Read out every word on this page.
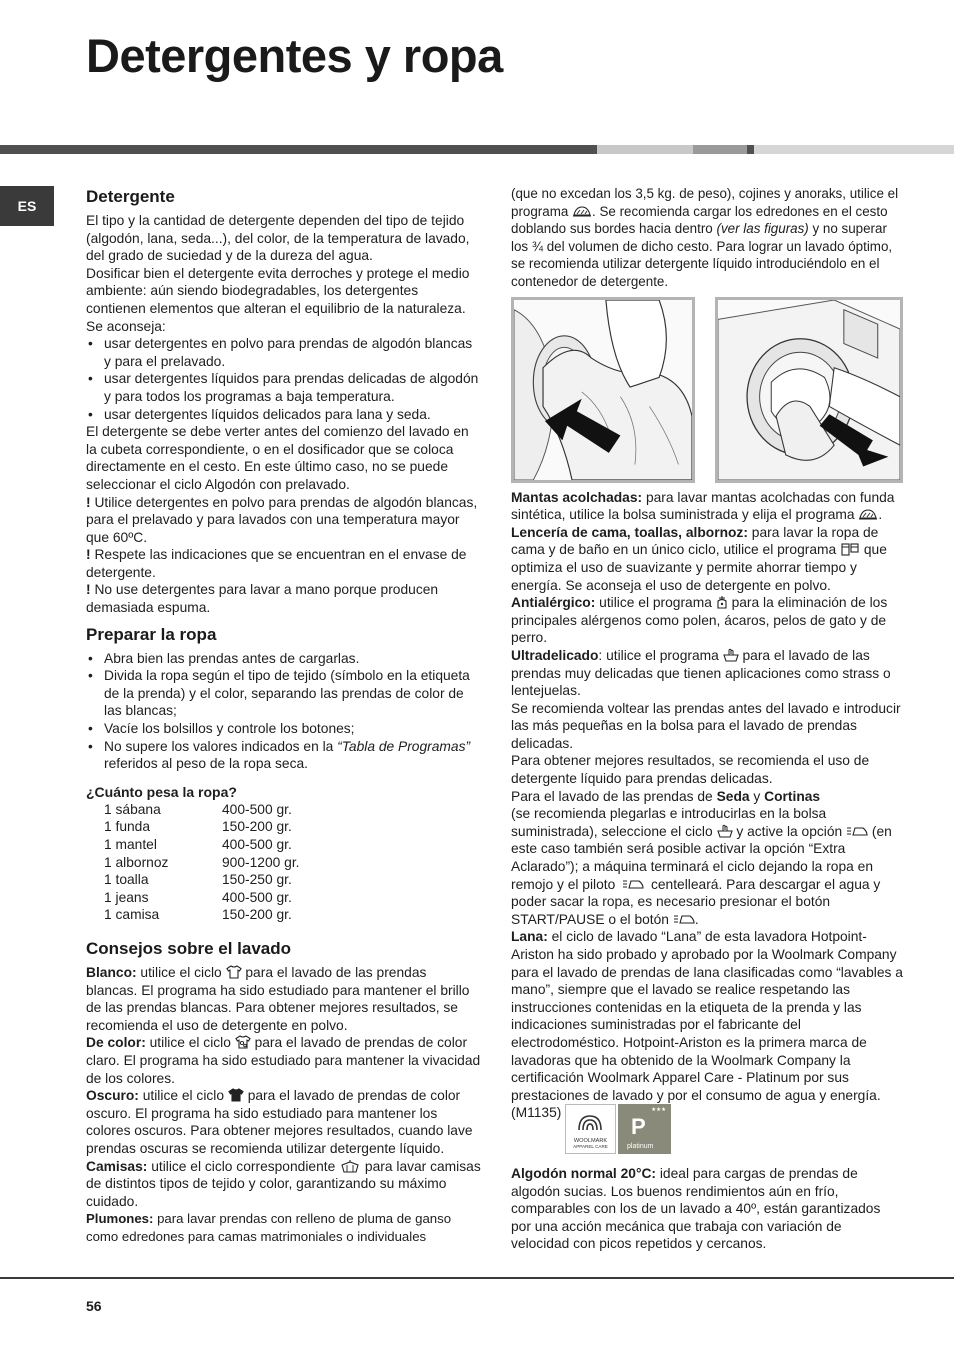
Detergentes y ropa
ES	Detergente

El tipo y la cantidad de detergente dependen del tipo de tejido (algodón, lana, seda...), del color, de la temperatura de lavado, del grado de suciedad y de la dureza del agua.

Dosificar bien el detergente evita derroches y protege el medio ambiente: aún siendo biodegradables, los detergentes contienen elementos que alteran el equilibrio de la naturaleza.

Se aconseja:

• usar detergentes en polvo para prendas de algodón blancas y para el prelavado.
• usar detergentes líquidos para prendas delicadas de algodón y para todos los programas a baja temperatura.
• usar detergentes líquidos delicados para lana y seda.

El detergente se debe verter antes del comienzo del lavado en la cubeta correspondiente, o en el dosificador que se coloca directamente en el cesto. En este último caso, no se puede seleccionar el ciclo Algodón con prelavado.

! Utilice detergentes en polvo para prendas de algodón blancas, para el prelavado y para lavados con una temperatura mayor que 60ºC.

! Respete las indicaciones que se encuentran en el envase de detergente.

! No use detergentes para lavar a mano porque producen demasiada espuma.

Preparar la ropa
• Abra bien las prendas antes de cargarlas.
• Divida la ropa según el tipo de tejido (símbolo en la etiqueta de la prenda) y el color, separando las prendas de color de las blancas;
• Vacíe los bolsillos y controle los botones;
• No supere los valores indicados en la “Tabla de Programas” referidos al peso de la ropa seca.
¿Cuánto pesa la ropa?
1 sábana	400-500 gr.
1 funda	150-200 gr.
1 mantel	400-500 gr.
1 albornoz	900-1200 gr.
1 toalla	150-250 gr.
1 jeans	400-500 gr.
1 camisa	150-200 gr.
Consejos sobre el lavado

Blanco: utilice el ciclo
para el lavado de las prendas blancas. El programa ha sido estudiado para mantener el brillo de las prendas blancas. Para obtener mejores resultados, se recomienda el uso de detergente en polvo.

De color: utilice el ciclo
para el lavado de prendas de color claro. El programa ha sido estudiado para mantener la vivacidad de los colores.

Oscuro: utilice el ciclo
para el lavado de prendas de color oscuro. El programa ha sido estudiado para mantener los colores oscuros. Para obtener mejores resultados, cuando lave prendas oscuras se recomienda utilizar detergente líquido.

Camisas: utilice el ciclo correspondiente
para lavar camisas de distintos tipos de tejido y color, garantizando su máximo cuidado.

Plumones: para lavar prendas con relleno de pluma de ganso como edredones para camas matrimoniales o individuales

(que no excedan los 3,5 kg. de peso), cojines y anoraks, utilice el programa
. Se recomienda cargar los edredones en el cesto doblando sus bordes hacia dentro (ver las figuras) y no superar los ¾ del volumen de dicho cesto. Para lograr un lavado óptimo, se recomienda utilizar detergente líquido introduciéndolo en el contenedor de detergente.

Mantas acolchadas: para lavar mantas acolchadas con funda sintética, utilice la bolsa suministrada y elija el programa
.

Lencería de cama, toallas, albornoz: para lavar la ropa de cama y de baño en un único ciclo, utilice el programa
que optimiza el uso de suavizante y permite ahorrar tiempo y energía. Se aconseja el uso de detergente en polvo.

Antialérgico: utilice el programa
para la eliminación de los principales alérgenos como polen, ácaros, pelos de gato y de perro.

Ultradelicado: utilice el programa
para el lavado de las prendas muy delicadas que tienen aplicaciones como strass o lentejuelas.

Se recomienda voltear las prendas antes del lavado e introducir las más pequeñas en la bolsa para el lavado de prendas delicadas.

Para obtener mejores resultados, se recomienda el uso de detergente líquido para prendas delicadas.

Para el lavado de las prendas de Seda y Cortinas
(se recomienda plegarlas e introducirlas en la bolsa suministrada), seleccione el ciclo
y active la opción
(en este caso también será posible activar la opción “Extra Aclarado”); a máquina terminará el ciclo dejando la ropa en remojo y el piloto
centelleará. Para descargar el agua y poder sacar la ropa, es necesario presionar el botón START/PAUSE o el botón
.

Lana: el ciclo de lavado “Lana” de esta lavadora Hotpoint-Ariston ha sido probado y aprobado por la Woolmark Company para el lavado de prendas de lana clasificadas como “lavables a mano”, siempre que el lavado se realice respetando las instrucciones contenidas en la etiqueta de la prenda y las indicaciones suministradas por el fabricante del electrodoméstico. Hotpoint-Ariston es la primera marca de lavadoras que ha obtenido de la Woolmark Company la certificación Woolmark Apparel Care - Platinum por sus prestaciones de lavado y por el consumo de agua y energía. (M1135)
WOOLMARK
APPAREL CARE
★★★
P
platinum

Algodón normal 20°C: ideal para cargas de prendas de algodón sucias. Los buenos rendimientos aún en frío, comparables con los de un lavado a 40º, están garantizados por una acción mecánica que trabaja con variación de velocidad con picos repetidos y cercanos.

56
